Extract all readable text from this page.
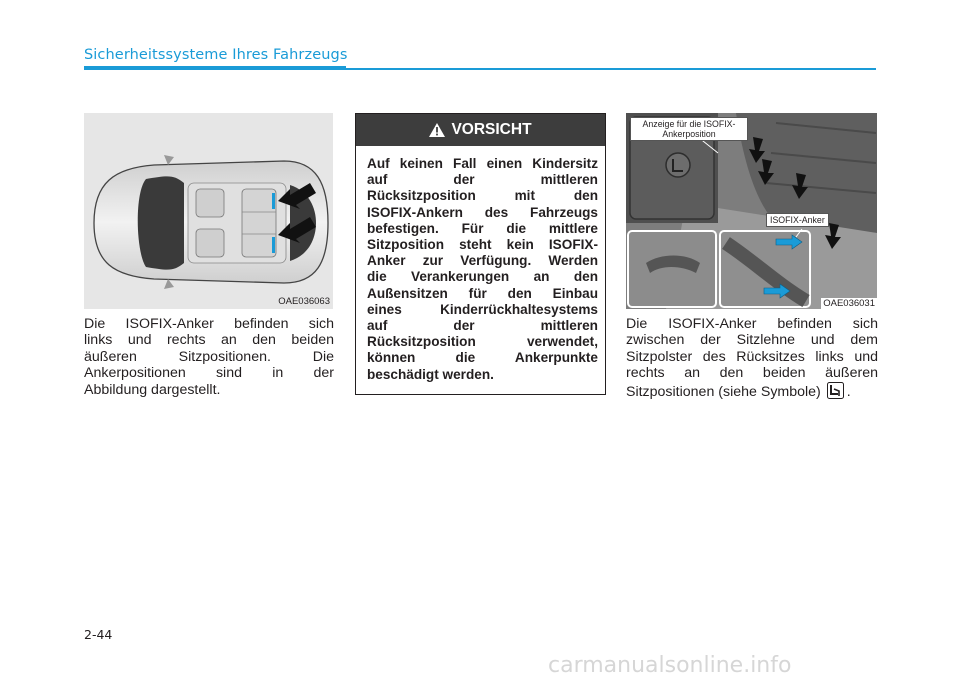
Sicherheitssysteme Ihres Fahrzeugs
OAE036063
Die ISOFIX-Anker befinden sich
links und rechts an den beiden
äußeren Sitzpositionen. Die
Ankerpositionen sind in der
Abbildung dargestellt.
VORSICHT
Auf keinen Fall einen Kindersitz
auf der mittleren
Rücksitzposition mit den
ISOFIX-Ankern des Fahrzeugs
befestigen. Für die mittlere
Sitzposition steht kein ISOFIX-
Anker zur Verfügung. Werden
die Verankerungen an den
Außensitzen für den Einbau
eines Kinderrückhaltesystems
auf der mittleren
Rücksitzposition verwendet,
können die Ankerpunkte
beschädigt werden.
Anzeige für die ISOFIX-
Ankerposition
ISOFIX-Anker
OAE036031
Die ISOFIX-Anker befinden sich
zwischen der Sitzlehne und dem
Sitzpolster des Rücksitzes links und
rechts an den beiden äußeren
Sitzpositionen (siehe Symbole) .
2-44
carmanualsonline.info
